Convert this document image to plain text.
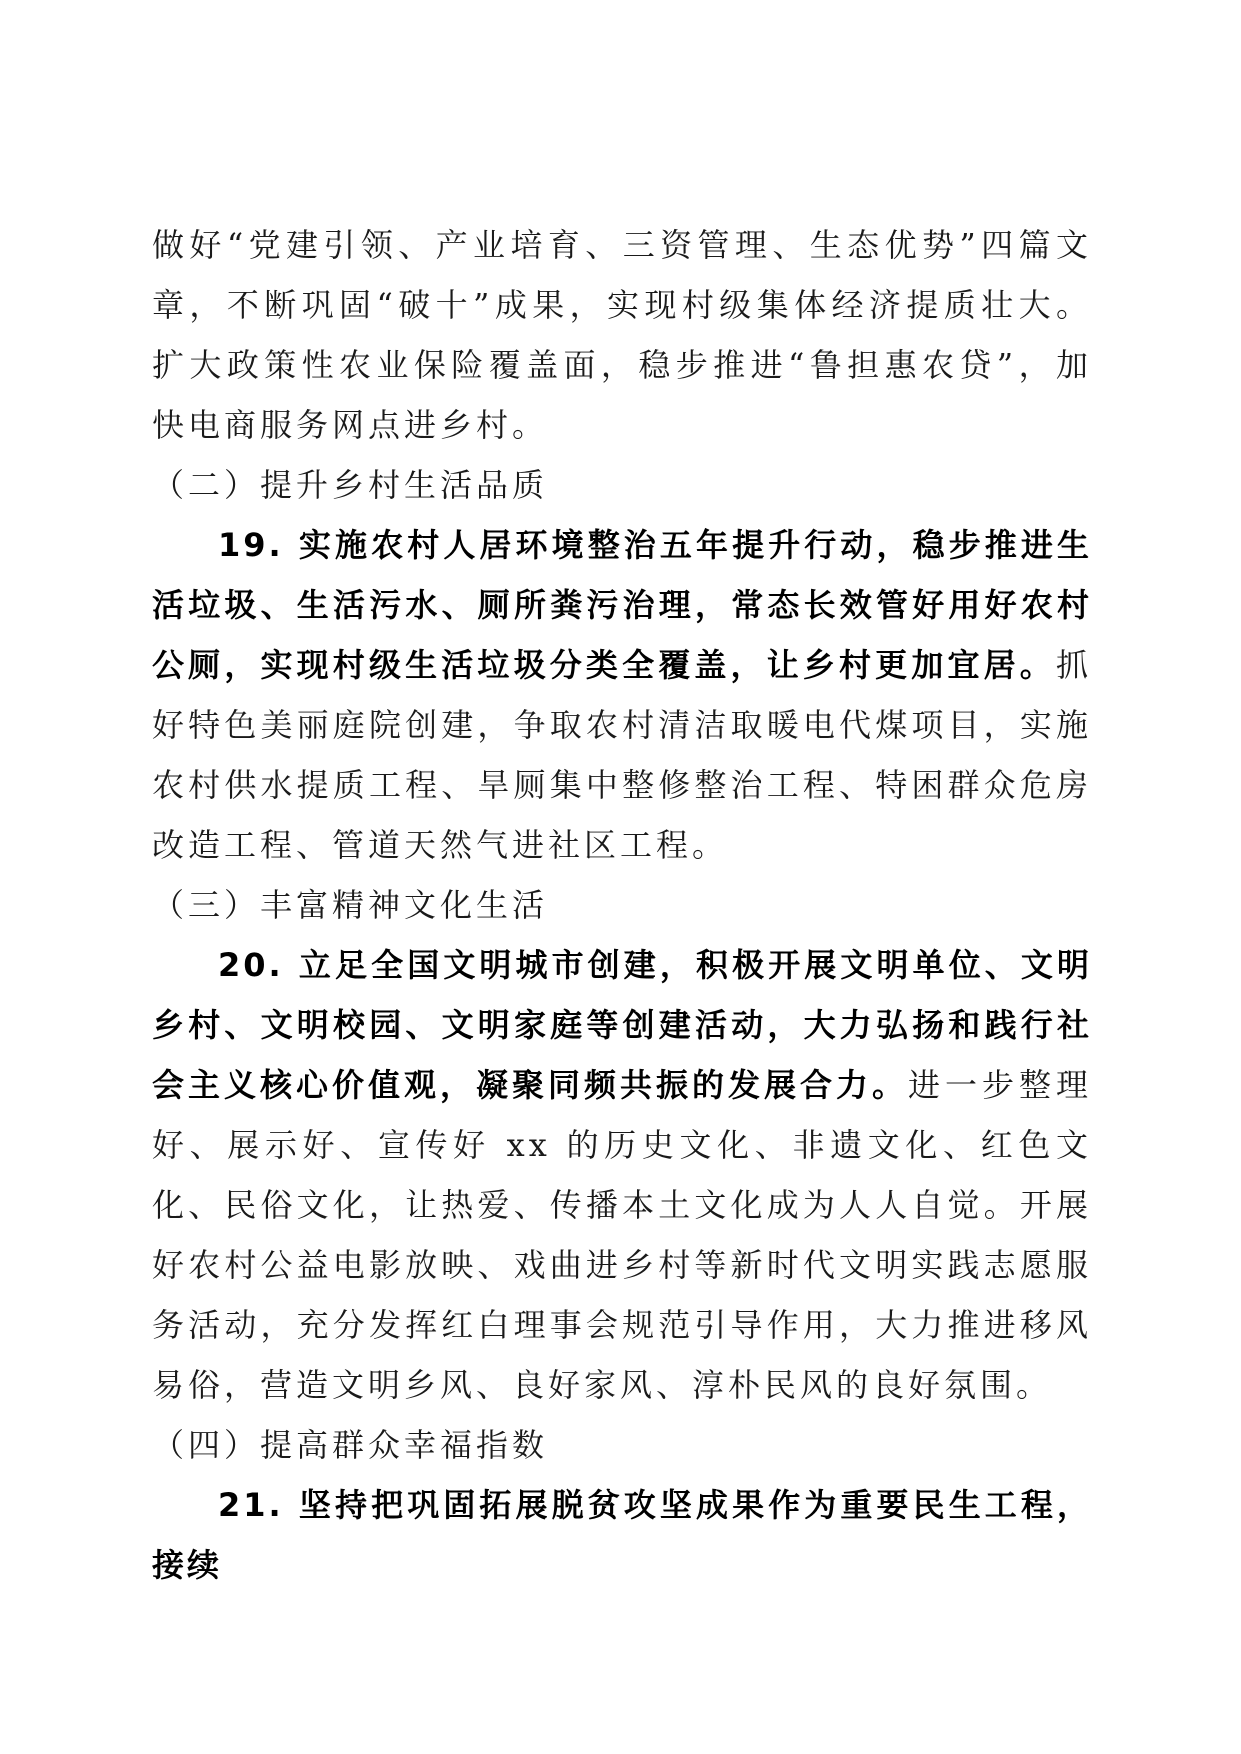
做好“党建引领、产业培育、三资管理、生态优势”四篇文章，不断巩固“破十”成果，实现村级集体经济提质壮大。扩大政策性农业保险覆盖面，稳步推进“鲁担惠农贷”，加快电商服务网点进乡村。

（二）提升乡村生活品质

19. 实施农村人居环境整治五年提升行动，稳步推进生活垃圾、生活污水、厕所粪污治理，常态长效管好用好农村公厕，实现村级生活垃圾分类全覆盖，让乡村更加宜居。抓好特色美丽庭院创建，争取农村清洁取暖电代煤项目，实施农村供水提质工程、旱厕集中整修整治工程、特困群众危房改造工程、管道天然气进社区工程。

（三）丰富精神文化生活

20. 立足全国文明城市创建，积极开展文明单位、文明乡村、文明校园、文明家庭等创建活动，大力弘扬和践行社会主义核心价值观，凝聚同频共振的发展合力。进一步整理好、展示好、宣传好 xx 的历史文化、非遗文化、红色文化、民俗文化，让热爱、传播本土文化成为人人自觉。开展好农村公益电影放映、戏曲进乡村等新时代文明实践志愿服务活动，充分发挥红白理事会规范引导作用，大力推进移风易俗，营造文明乡风、良好家风、淳朴民风的良好氛围。

（四）提高群众幸福指数

21. 坚持把巩固拓展脱贫攻坚成果作为重要民生工程，接续
